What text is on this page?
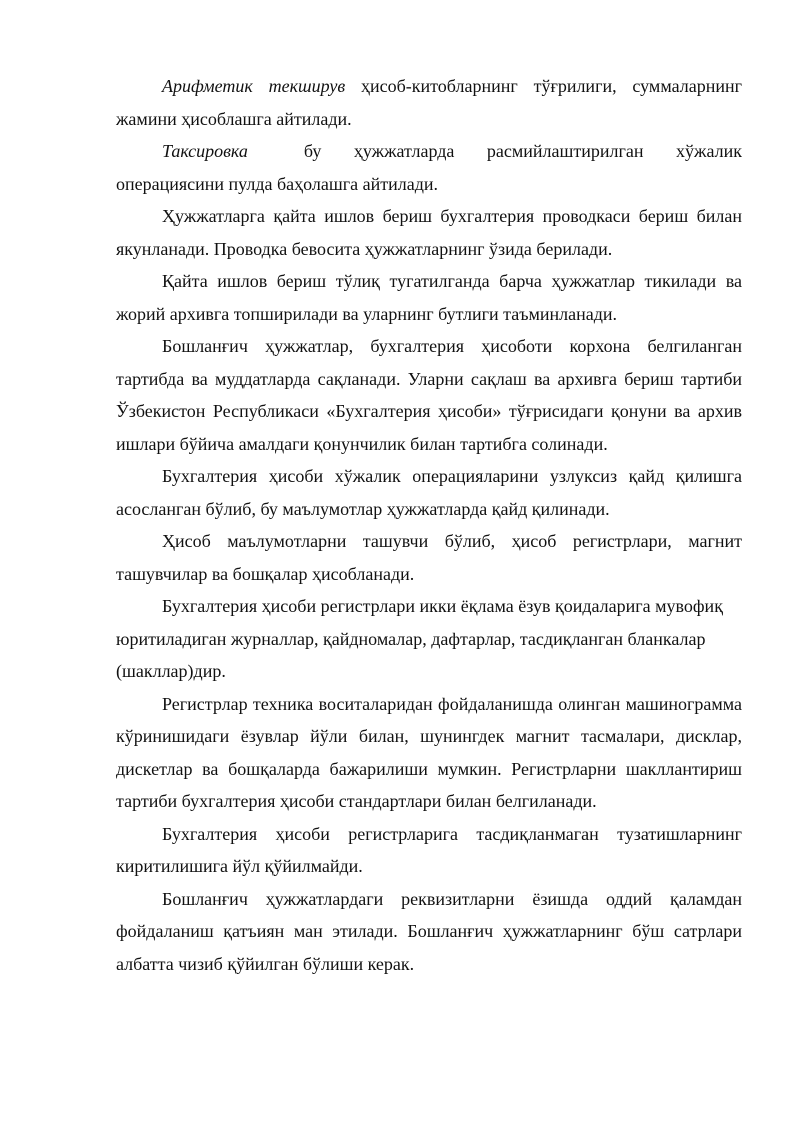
Арифметик текширув ҳисоб-китобларнинг тўғрилиги, суммаларнинг жамини ҳисоблашга айтилади.

Таксировка	бу ҳужжатларда расмийлаштирилган хўжалик операциясини пулда баҳолашга айтилади.

Ҳужжатларга қайта ишлов бериш бухгалтерия проводкаси бериш билан якунланади. Проводка бевосита ҳужжатларнинг ўзида берилади.

Қайта ишлов бериш тўлиқ тугатилганда барча ҳужжатлар тикилади ва жорий архивга топширилади ва уларнинг бутлиги таъминланади.

Бошланғич ҳужжатлар, бухгалтерия ҳисоботи корхона белгиланган тартибда ва муддатларда сақланади. Уларни сақлаш ва архивга бериш тартиби Ўзбекистон Республикаси «Бухгалтерия ҳисоби» тўғрисидаги қонуни ва архив ишлари бўйича амалдаги қонунчилик билан тартибга солинади.

Бухгалтерия ҳисоби хўжалик операцияларини узлуксиз қайд қилишга асосланган бўлиб, бу маълумотлар ҳужжатларда қайд қилинади.

Ҳисоб маълумотларни ташувчи бўлиб, ҳисоб регистрлари, магнит ташувчилар ва бошқалар ҳисобланади.

Бухгалтерия ҳисоби регистрлари икки ёқлама ёзув қоидаларига мувофиқ юритиладиган журналлар, қайдномалар, дафтарлар, тасдиқланган бланкалар (шакллар)дир.

Регистрлар техника воситаларидан фойдаланишда олинган машинограмма кўринишидаги ёзувлар йўли билан, шунингдек магнит тасмалари, дисклар, дискетлар ва бошқаларда бажарилиши мумкин. Регистрларни шакллантириш тартиби бухгалтерия ҳисоби стандартлари билан белгиланади.

Бухгалтерия ҳисоби регистрларига тасдиқланмаган тузатишларнинг киритилишига йўл қўйилмайди.

Бошланғич ҳужжатлардаги реквизитларни ёзишда оддий қаламдан фойдаланиш қатъиян ман этилади. Бошланғич ҳужжатларнинг бўш сатрлари албатта чизиб қўйилган бўлиши керак.
